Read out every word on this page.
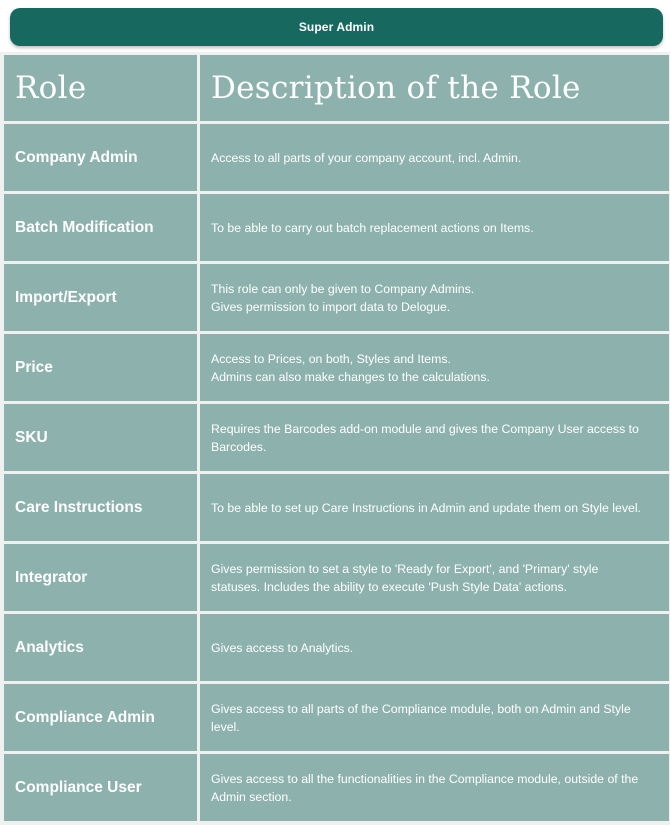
Super Admin
Role	Description of the Role
Company Admin	Access to all parts of your company account, incl. Admin.
Batch Modification	To be able to carry out batch replacement actions on Items.
Import/Export	This role can only be given to Company Admins.
Gives permission to import data to Delogue.
Price	Access to Prices, on both, Styles and Items.
Admins can also make changes to the calculations.
SKU	Requires the Barcodes add-on module and gives the Company User access to
Barcodes.
Care Instructions	To be able to set up Care Instructions in Admin and update them on Style level.
Integrator	Gives permission to set a style to 'Ready for Export', and 'Primary' style
statuses. Includes the ability to execute 'Push Style Data' actions.
Analytics	Gives access to Analytics.
Compliance Admin	Gives access to all parts of the Compliance module, both on Admin and Style
level.
Compliance User	Gives access to all the functionalities in the Compliance module, outside of the
Admin section.
